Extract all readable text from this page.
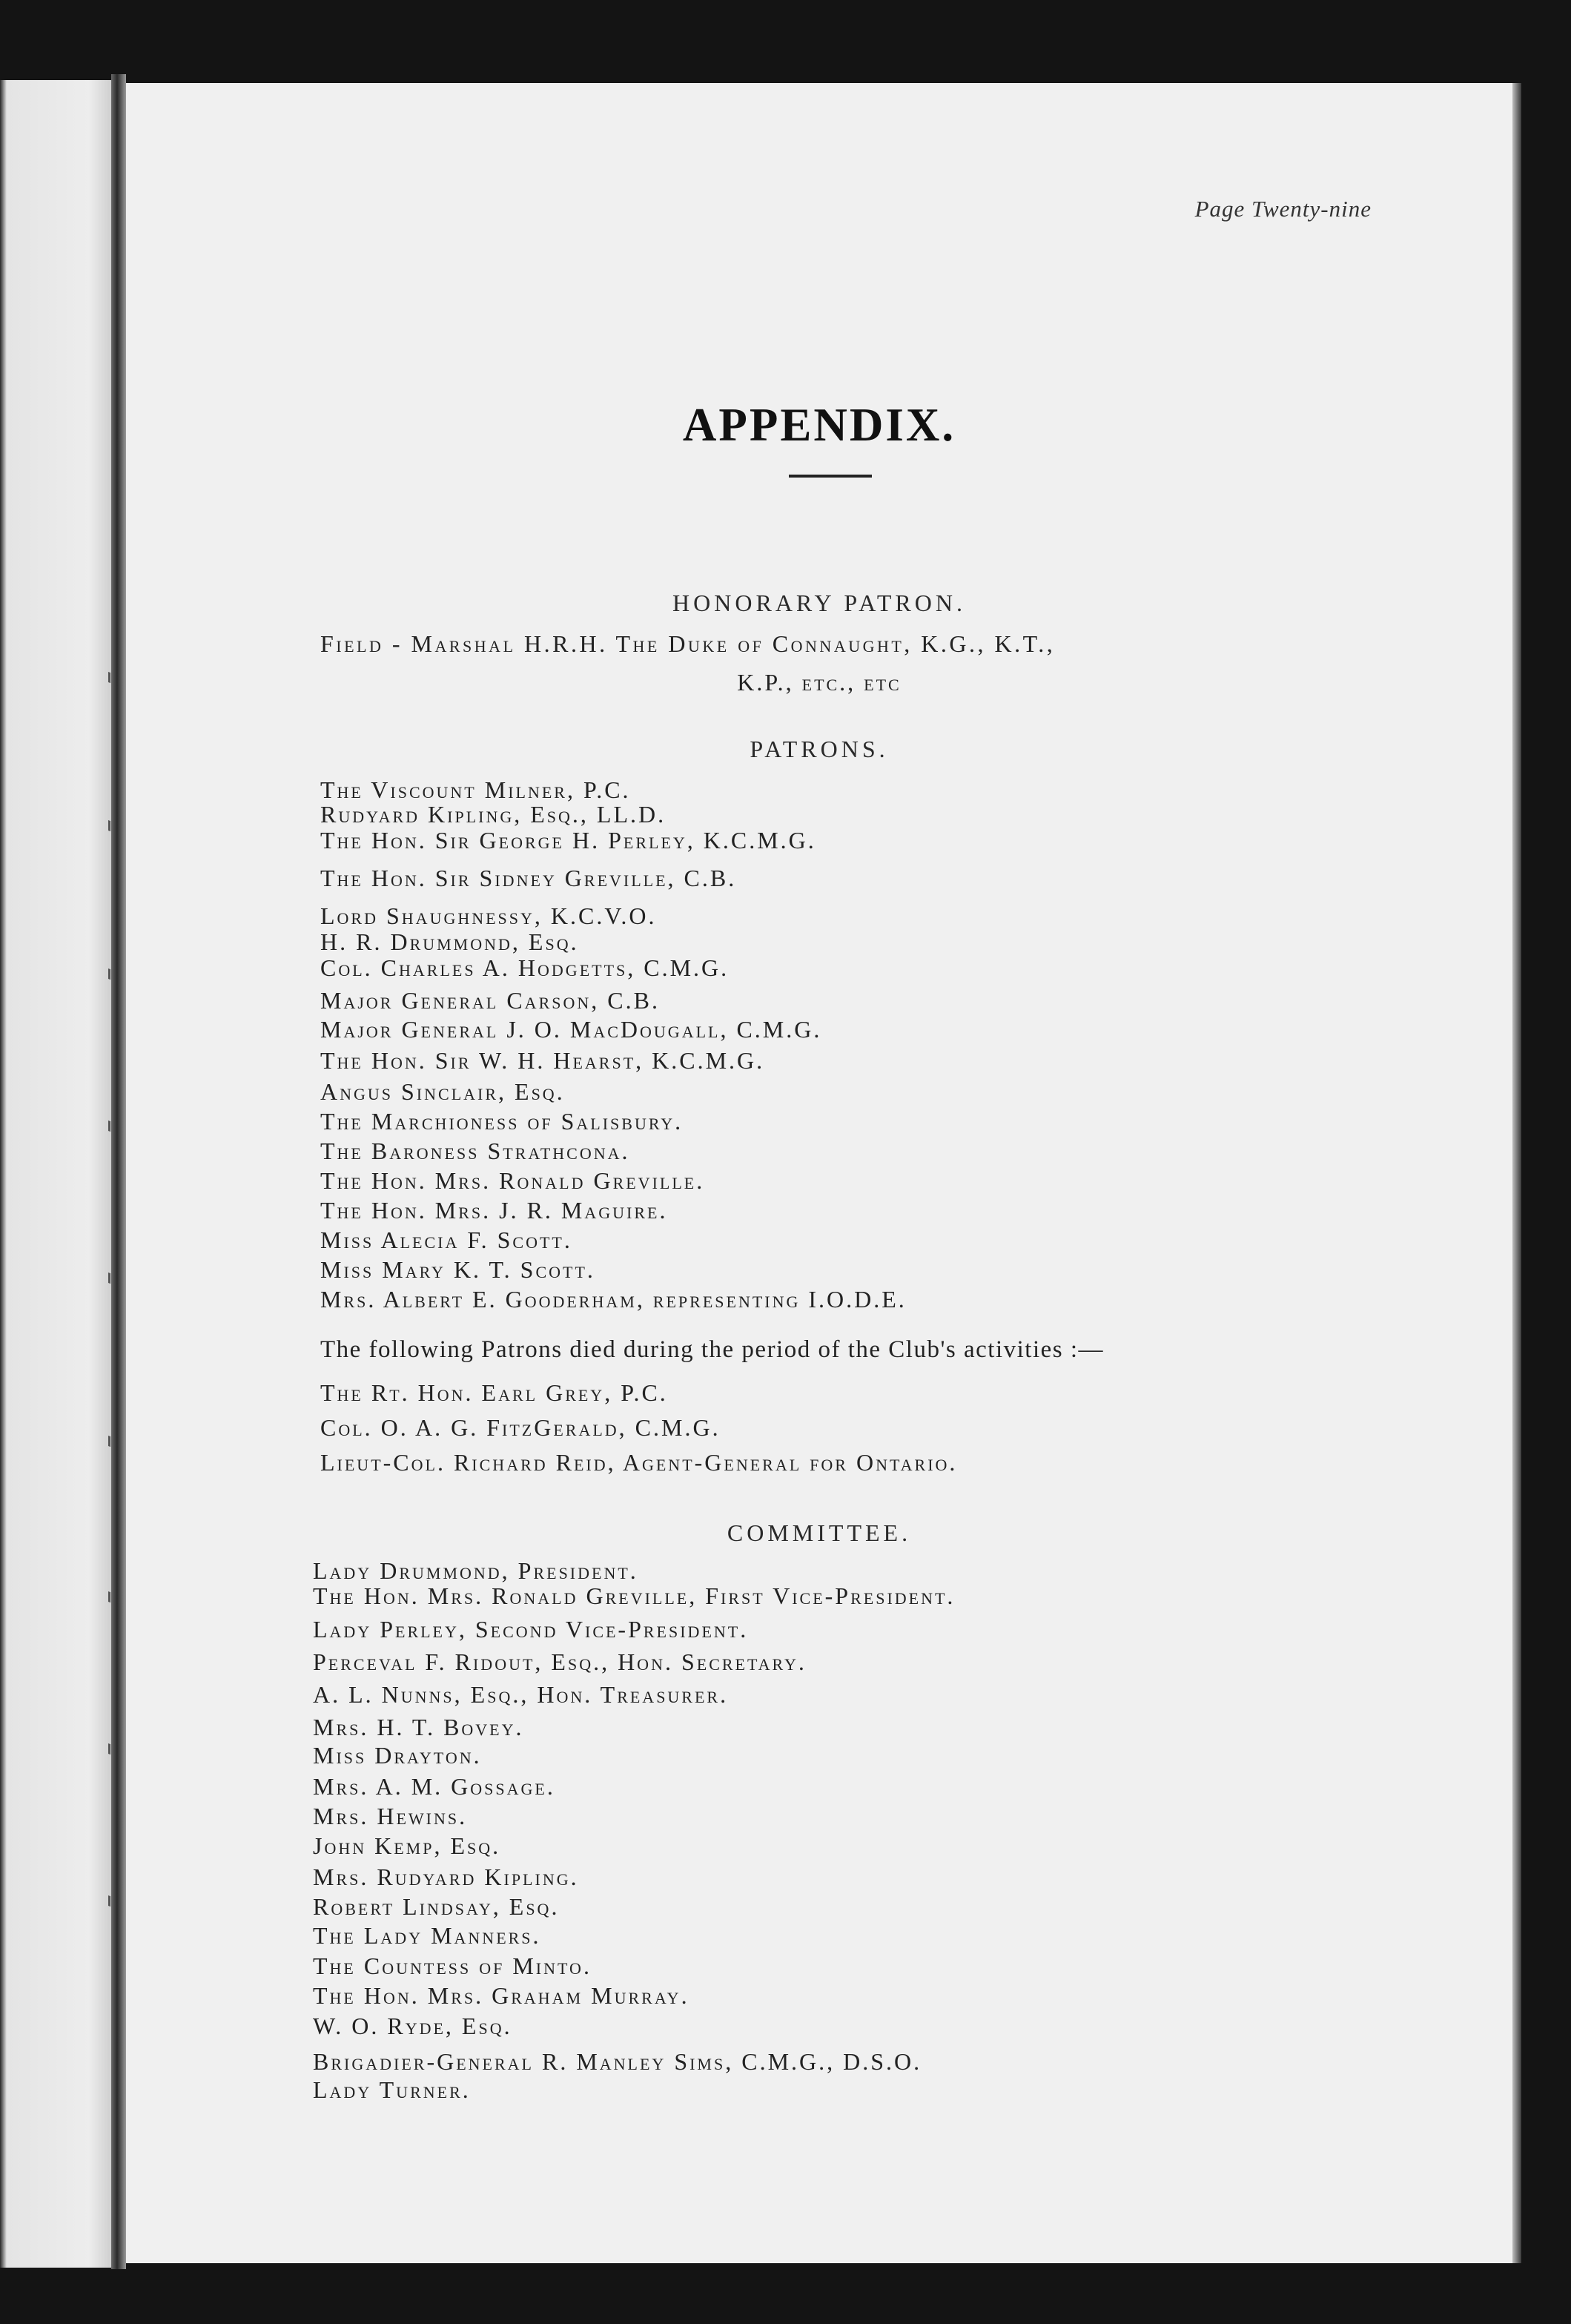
Page Twenty-nine
APPENDIX.
HONORARY PATRON.
Field - Marshal H.R.H. The Duke of Connaught, K.G., K.T.,
K.P., etc., etc
PATRONS.
The Viscount Milner, P.C.
Rudyard Kipling, Esq., LL.D.
The Hon. Sir George H. Perley, K.C.M.G.
The Hon. Sir Sidney Greville, C.B.
Lord Shaughnessy, K.C.V.O.
H. R. Drummond, Esq.
Col. Charles A. Hodgetts, C.M.G.
Major General Carson, C.B.
Major General J. O. MacDougall, C.M.G.
The Hon. Sir W. H. Hearst, K.C.M.G.
Angus Sinclair, Esq.
The Marchioness of Salisbury.
The Baroness Strathcona.
The Hon. Mrs. Ronald Greville.
The Hon. Mrs. J. R. Maguire.
Miss Alecia F. Scott.
Miss Mary K. T. Scott.
Mrs. Albert E. Gooderham, representing I.O.D.E.
The following Patrons died during the period of the Club's activities :—
The Rt. Hon. Earl Grey, P.C.
Col. O. A. G. FitzGerald, C.M.G.
Lieut-Col. Richard Reid, Agent-General for Ontario.
COMMITTEE.
Lady Drummond, President.
The Hon. Mrs. Ronald Greville, First Vice-President.
Lady Perley, Second Vice-President.
Perceval F. Ridout, Esq., Hon. Secretary.
A. L. Nunns, Esq., Hon. Treasurer.
Mrs. H. T. Bovey.
Miss Drayton.
Mrs. A. M. Gossage.
Mrs. Hewins.
John Kemp, Esq.
Mrs. Rudyard Kipling.
Robert Lindsay, Esq.
The Lady Manners.
The Countess of Minto.
The Hon. Mrs. Graham Murray.
W. O. Ryde, Esq.
Brigadier-General R. Manley Sims, C.M.G., D.S.O.
Lady Turner.
